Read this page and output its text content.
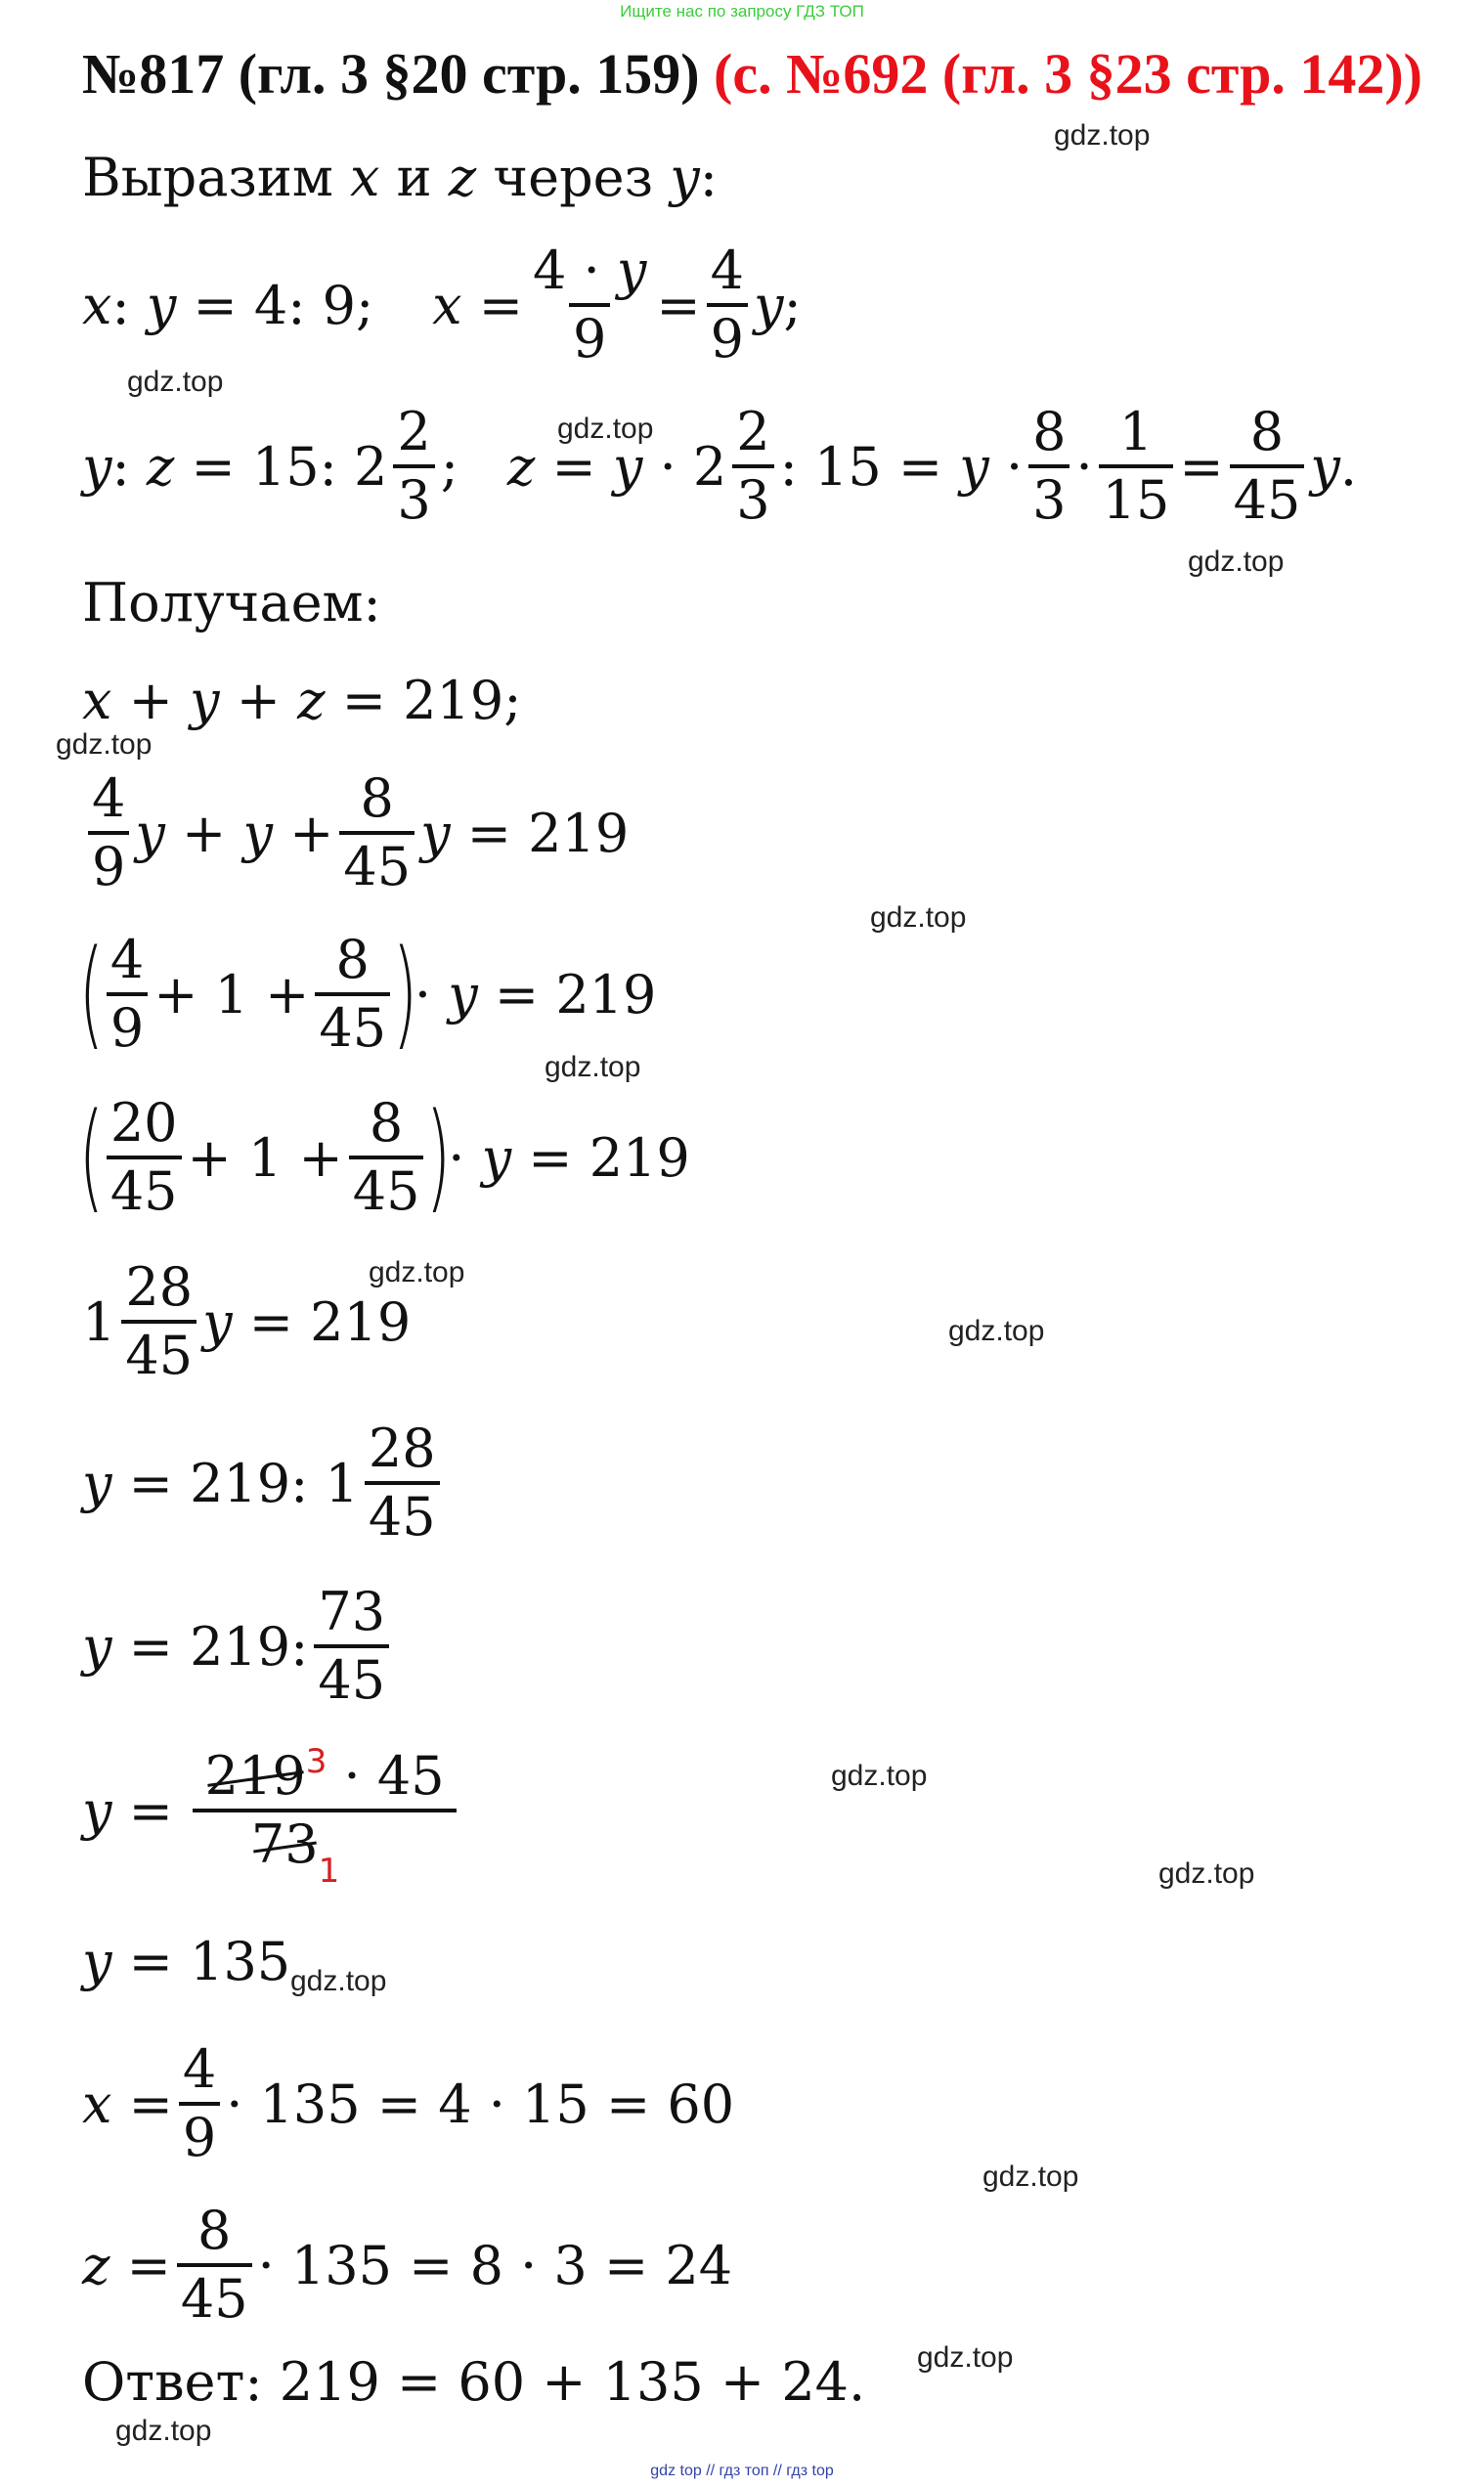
Ищите нас по запросу ГДЗ ТОП
№817 (гл. 3 §20 стр. 159) (с. №692 (гл. 3 §23 стр. 142))
Выразим 𝑥 и 𝑧 через 𝑦:
𝑥: 𝑦 = 4: 9; 𝑥 =
4 · 𝑦
9
= $\frac{4}{9}$ 𝑦;
𝑦: 𝑧 = 15: $2 \frac{2}{3}$ ; 𝑧 = 𝑦 · $2 \frac{2}{3}$ : 15 = 𝑦 · $\frac{8}{3} \cdot \frac{1}{15} = \frac{8}{45}$ 𝑦.
Получаем:
𝑥 + 𝑦 + 𝑧 = 219;
$\frac{4}{9}$ 𝑦 + 𝑦 + $\frac{8}{45}$ 𝑦 = 219
( $\frac{4}{9} + 1 + \frac{8}{45}$ )
· 𝑦 = 219
( $\frac{20}{45} + 1 + \frac{8}{45}$ )
· 𝑦 = 219
$1 \frac{28}{45}$ 𝑦 = 219
𝑦 = 219: $1 \frac{28}{45}$
𝑦 = 219: $\frac{73}{45}$
𝑦 = $\frac{219^3 \cdot 45}{73_1}$
𝑦 = 135
𝑥 = $\frac{4}{9} \cdot 135 = 4 \cdot 15 = 60$
𝑧 = $\frac{8}{45} \cdot 135 = 8 \cdot 3 = 24$
Ответ: 219 = 60 + 135 + 24.
gdz.top
gdz.top
gdz.top
gdz.top
gdz.top
gdz.top
gdz.top
gdz.top
gdz.top
gdz.top
gdz.top
gdz.top
gdz.top
gdz.top
gdz.top
gdz top // гдз топ // гдз top
